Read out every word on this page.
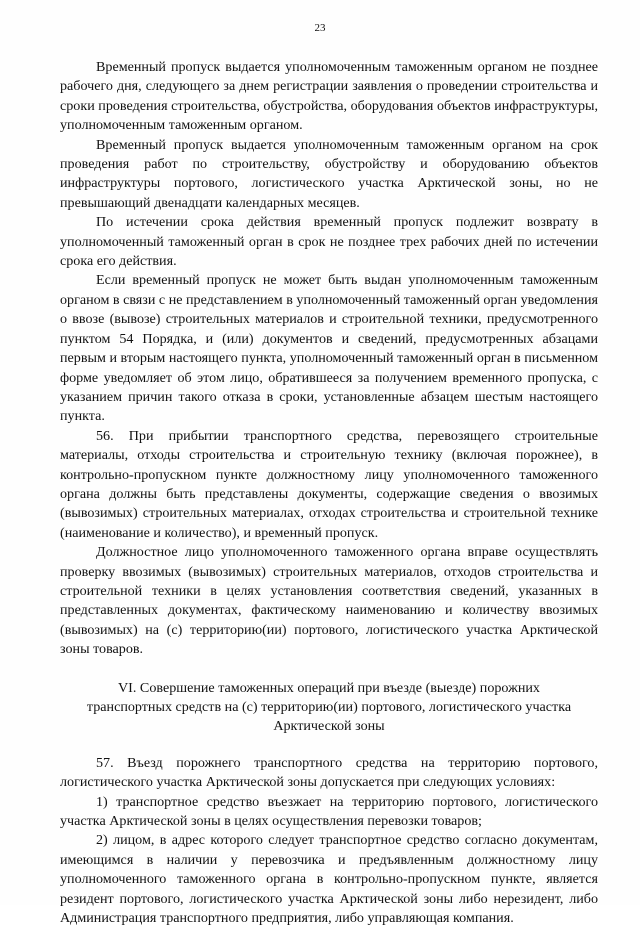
23

Временный пропуск выдается уполномоченным таможенным органом не позднее рабочего дня, следующего за днем регистрации заявления о проведении строительства и сроки проведения строительства, обустройства, оборудования объектов инфраструктуры, уполномоченным таможенным органом.

Временный пропуск выдается уполномоченным таможенным органом на срок проведения работ по строительству, обустройству и оборудованию объектов инфраструктуры портового, логистического участка Арктической зоны, но не превышающий двенадцати календарных месяцев.

По истечении срока действия временный пропуск подлежит возврату в уполномоченный таможенный орган в срок не позднее трех рабочих дней по истечении срока его действия.

Если временный пропуск не может быть выдан уполномоченным таможенным органом в связи с не представлением в уполномоченный таможенный орган уведомления о ввозе (вывозе) строительных материалов и строительной техники, предусмотренного пунктом 54 Порядка, и (или) документов и сведений, предусмотренных абзацами первым и вторым настоящего пункта, уполномоченный таможенный орган в письменном форме уведомляет об этом лицо, обратившееся за получением временного пропуска, с указанием причин такого отказа в сроки, установленные абзацем шестым настоящего пункта.

56. При прибытии транспортного средства, перевозящего строительные материалы, отходы строительства и строительную технику (включая порожнее), в контрольно-пропускном пункте должностному лицу уполномоченного таможенного органа должны быть представлены документы, содержащие сведения о ввозимых (вывозимых) строительных материалах, отходах строительства и строительной технике (наименование и количество), и временный пропуск.

Должностное лицо уполномоченного таможенного органа вправе осуществлять проверку ввозимых (вывозимых) строительных материалов, отходов строительства и строительной техники в целях установления соответствия сведений, указанных в представленных документах, фактическому наименованию и количеству ввозимых (вывозимых) на (с) территорию(ии) портового, логистического участка Арктической зоны товаров.

VI. Совершение таможенных операций при въезде (выезде) порожних
транспортных средств на (с) территорию(ии) портового, логистического участка
Арктической зоны

57. Въезд порожнего транспортного средства на территорию портового, логистического участка Арктической зоны допускается при следующих условиях:

1) транспортное средство въезжает на территорию портового, логистического участка Арктической зоны в целях осуществления перевозки товаров;

2) лицом, в адрес которого следует транспортное средство согласно документам, имеющимся в наличии у перевозчика и предъявленным должностному лицу уполномоченного таможенного органа в контрольно-пропускном пункте, является резидент портового, логистического участка Арктической зоны либо нерезидент, либо Администрация транспортного предприятия, либо управляющая компания.
